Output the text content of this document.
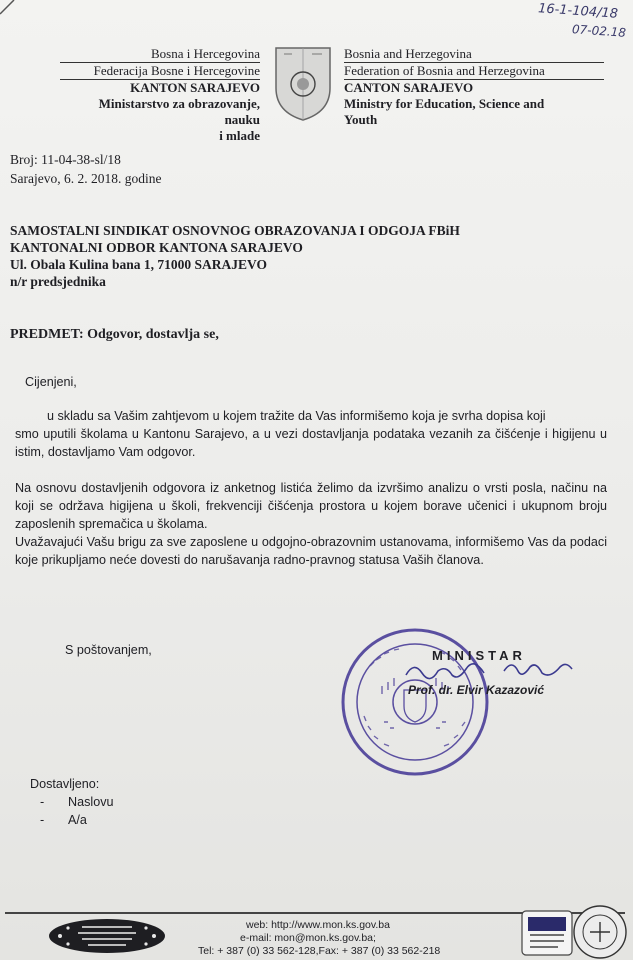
16-1-104/18
07-02.18
Bosna i Hercegovina
Federacija Bosne i Hercegovine
KANTON SARAJEVO
Ministarstvo za obrazovanje, nauku
i mlade
Bosnia and Herzegovina
Federation of Bosnia and Herzegovina
CANTON SARAJEVO
Ministry for Education, Science and
Youth
Broj: 11-04-38-sl/18
Sarajevo, 6. 2. 2018. godine
SAMOSTALNI SINDIKAT OSNOVNOG OBRAZOVANJA I ODGOJA FBiH
KANTONALNI ODBOR KANTONA SARAJEVO
Ul. Obala Kulina bana 1, 71000 SARAJEVO
n/r predsjednika
PREDMET: Odgovor, dostavlja se,
Cijenjeni,
u skladu sa Vašim zahtjevom u kojem tražite da Vas informišemo koja je svrha dopisa koji
smo uputili školama u Kantonu Sarajevo, a u vezi dostavljanja podataka vezanih za čišćenje i higijenu u istim, dostavljamo Vam odgovor.
Na osnovu dostavljenih odgovora iz anketnog listića želimo da izvršimo analizu o vrsti posla, načinu na koji se održava higijena u školi, frekvenciji čišćenja prostora u kojem borave učenici i ukupnom broju zaposlenih spremačica u školama.
Uvažavajući Vašu brigu za sve zaposlene u odgojno-obrazovnim ustanovama, informišemo Vas da podaci koje prikupljamo neće dovesti do narušavanja radno-pravnog statusa Vaših članova.
S poštovanjem,	MINISTAR
Prof. dr. Elvir Kazazović
Dostavljeno:
- Naslovu
- A/a
web: http://www.mon.ks.gov.ba
e-mail: mon@mon.ks.gov.ba;
Tel: + 387 (0) 33 562-128,Fax: + 387 (0) 33 562-218
